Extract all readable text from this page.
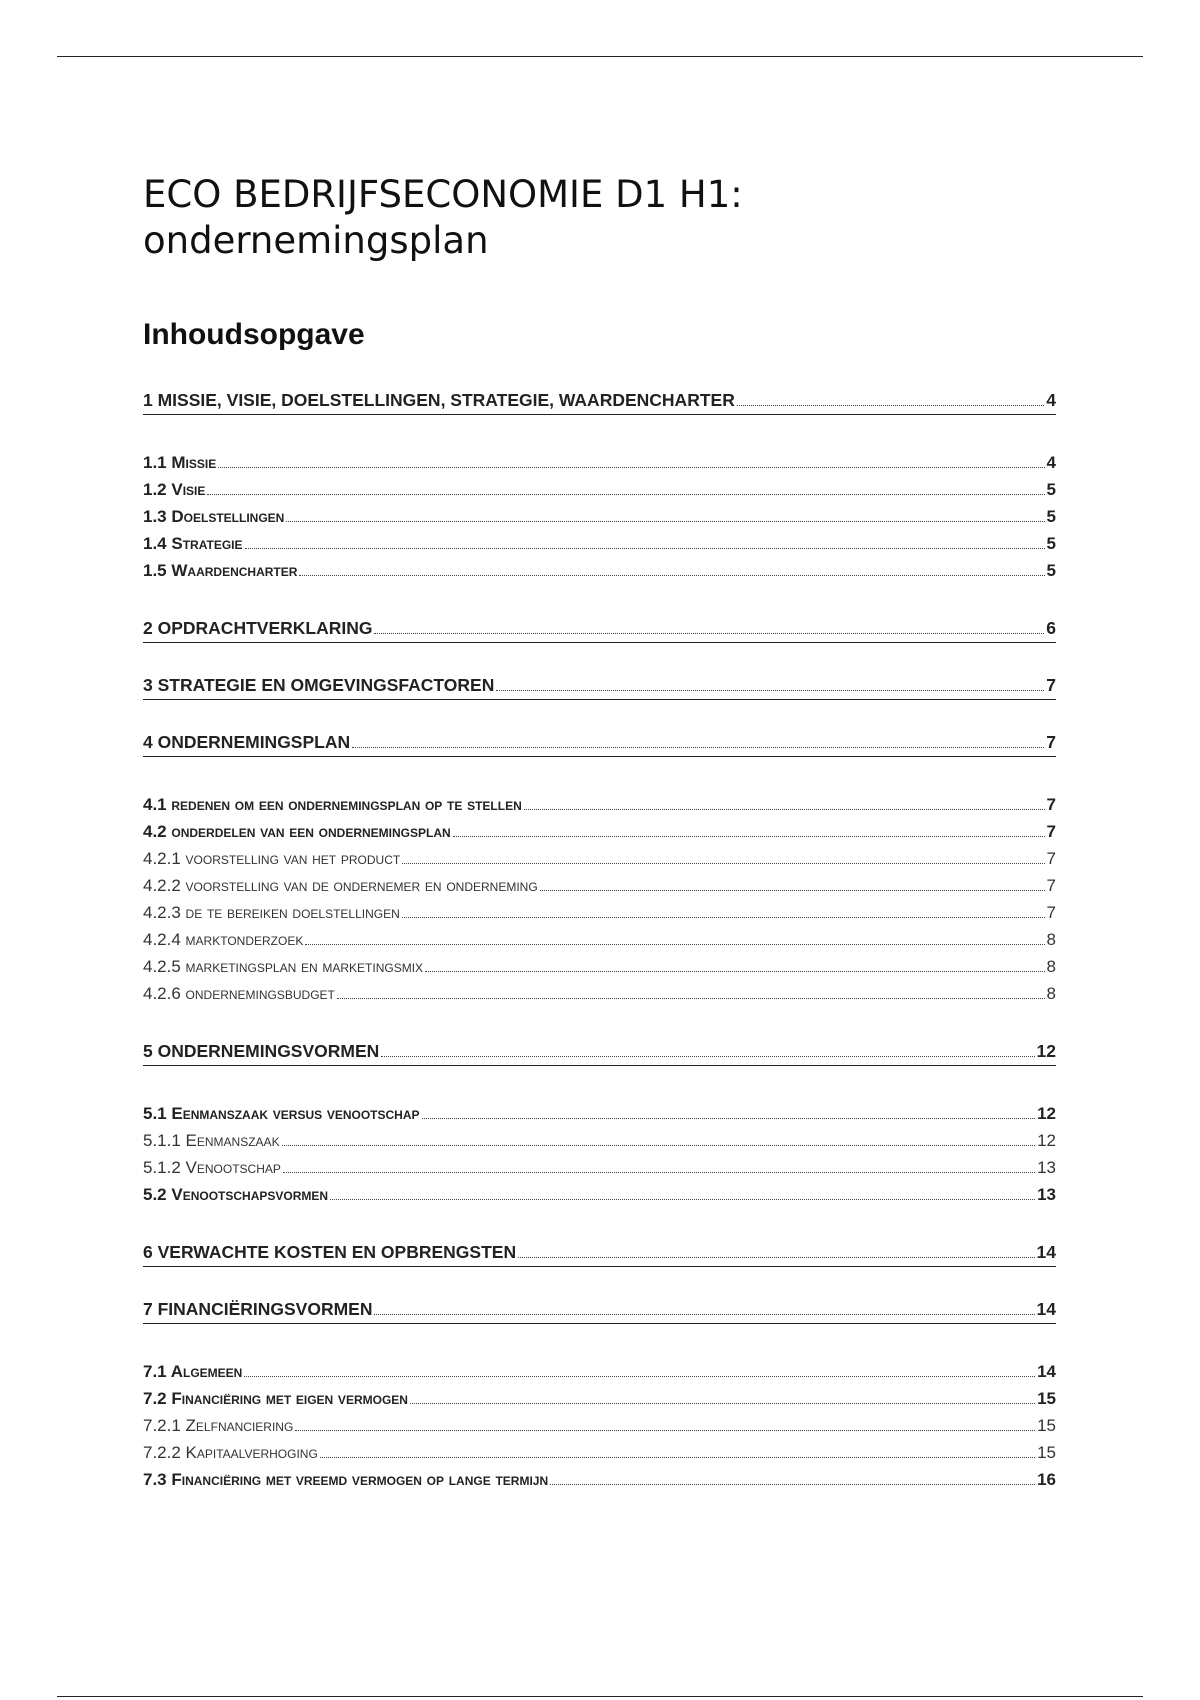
ECO BEDRIJFSECONOMIE D1 H1:
ondernemingsplan
Inhoudsopgave
1 MISSIE, VISIE, DOELSTELLINGEN, STRATEGIE, WAARDENCHARTER	4
1.1 Missie	4
1.2 Visie	5
1.3 Doelstellingen	5
1.4 Strategie	5
1.5 Waardencharter	5
2 OPDRACHTVERKLARING	6
3 STRATEGIE EN OMGEVINGSFACTOREN	7
4 ONDERNEMINGSPLAN	7
4.1 redenen om een ondernemingsplan op te stellen	7
4.2 onderdelen van een ondernemingsplan	7
4.2.1 voorstelling van het product	7
4.2.2 voorstelling van de ondernemer en onderneming	7
4.2.3 de te bereiken doelstellingen	7
4.2.4 marktonderzoek	8
4.2.5 marketingsplan en marketingsmix	8
4.2.6 ondernemingsbudget	8
5 ONDERNEMINGSVORMEN	12
5.1 Eenmanszaak versus venootschap	12
5.1.1 Eenmanszaak	12
5.1.2 Venootschap	13
5.2 Venootschapsvormen	13
6 VERWACHTE KOSTEN EN OPBRENGSTEN	14
7 FINANCIËRINGSVORMEN	14
7.1 Algemeen	14
7.2 Financiëring met eigen vermogen	15
7.2.1 Zelfnanciering	15
7.2.2 Kapitaalverhoging	15
7.3 Financiëring met vreemd vermogen op lange termijn	16
